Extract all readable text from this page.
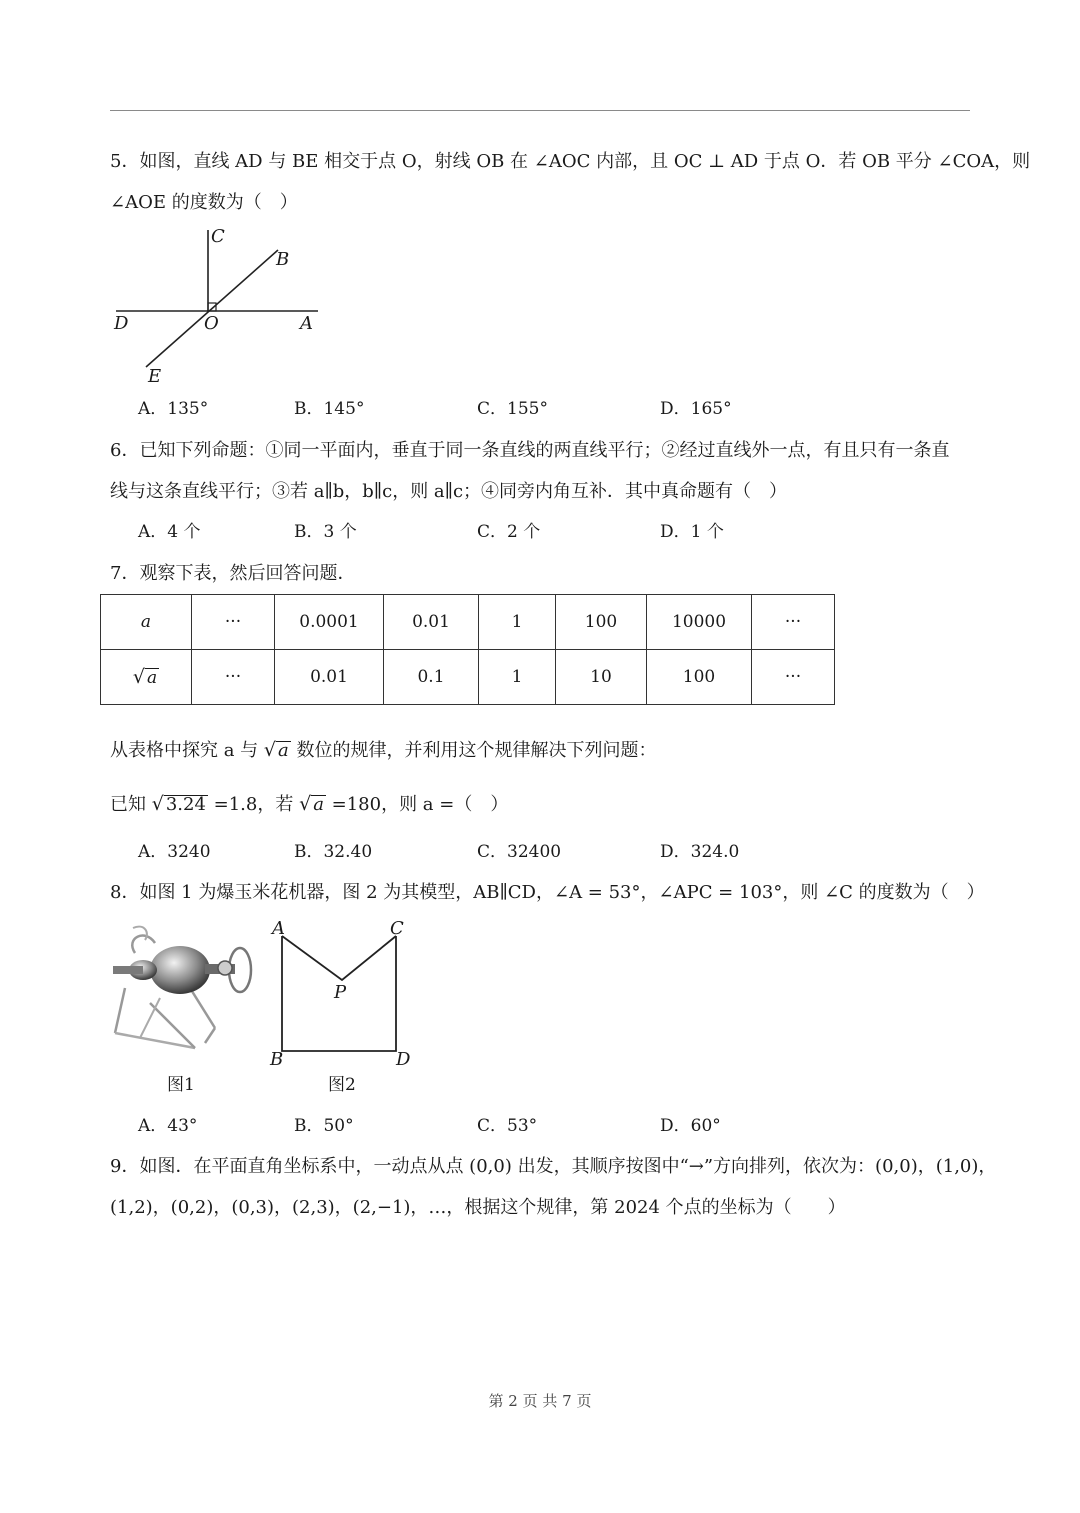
5．如图，直线 AD 与 BE 相交于点 O，射线 OB 在 ∠AOC 内部，且 OC ⊥ AD 于点 O．若 OB 平分 ∠COA，则
∠AOE 的度数为（　）
C
B
D	O	A
E
A．135°	B．145°	C．155°	D．165°
6．已知下列命题：①同一平面内，垂直于同一条直线的两直线平行；②经过直线外一点，有且只有一条直
线与这条直线平行；③若 a∥b，b∥c，则 a∥c；④同旁内角互补．其中真命题有（　）
A．4 个	B．3 个	C．2 个	D．1 个
7．观察下表，然后回答问题．
a	···	0.0001	0.01	1	100	10000	···
√ a	···	0.01	0.1	1	10	100	···
从表格中探究 a 与 √ a 数位的规律，并利用这个规律解决下列问题：
已知 √ 3.24 =1.8，若 √ a =180，则 a =（　）
A．3240	B．32.40	C．32400	D．324.0
8．如图 1 为爆玉米花机器，图 2 为其模型，AB∥CD，∠A = 53°，∠APC = 103°，则 ∠C 的度数为（　）
图1
A	C
P
B	D
图2
A．43°	B．50°	C．53°	D．60°
9．如图．在平面直角坐标系中，一动点从点 (0,0) 出发，其顺序按图中“→”方向排列，依次为：(0,0)，(1,0)，
(1,2)，(0,2)，(0,3)，(2,3)，(2,−1)，…，根据这个规律，第 2024 个点的坐标为（　　）
第 2 页 共 7 页
